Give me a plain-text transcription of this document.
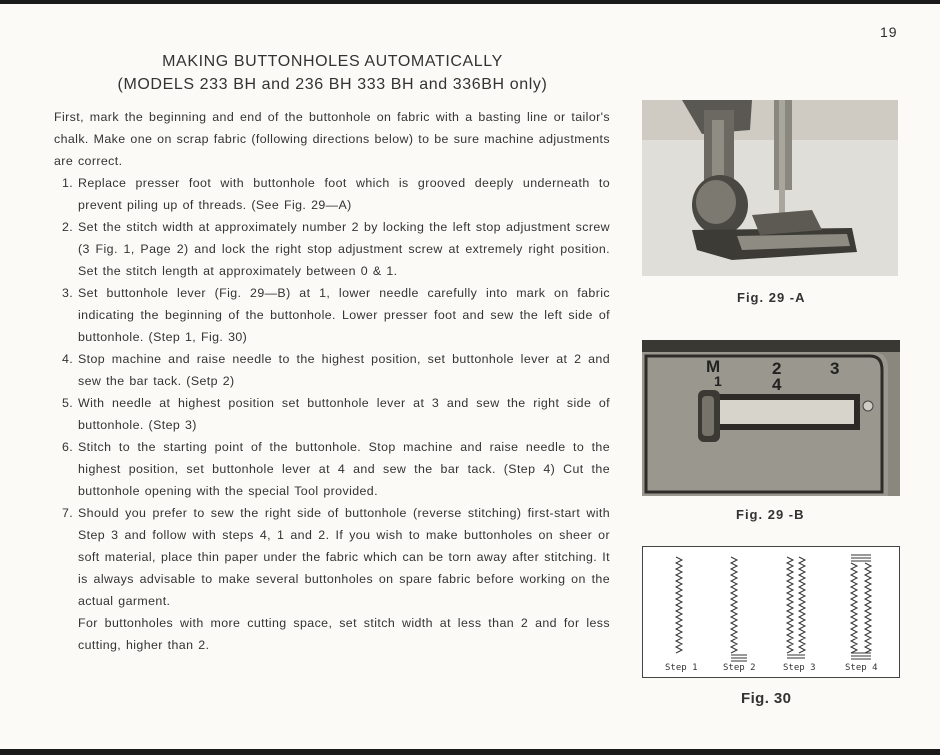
19
MAKING BUTTONHOLES AUTOMATICALLY
(MODELS 233 BH and 236 BH 333 BH and 336BH only)

First, mark the beginning and end of the buttonhole on fabric with a basting line or tailor's chalk. Make one on scrap fabric (following directions below) to be sure machine adjustments are correct.

1. Replace presser foot with buttonhole foot which is grooved deeply underneath to prevent piling up of threads. (See Fig. 29—A)
2. Set the stitch width at approximately number 2 by locking the left stop adjustment screw (3 Fig. 1, Page 2) and lock the right stop adjustment screw at extremely right position. Set the stitch length at approximately between 0 & 1.
3. Set buttonhole lever (Fig. 29—B) at 1, lower needle carefully into mark on fabric indicating the beginning of the buttonhole. Lower presser foot and sew the left side of buttonhole. (Step 1, Fig. 30)
4. Stop machine and raise needle to the highest position, set buttonhole lever at 2 and sew the bar tack. (Setp 2)
5. With needle at highest position set buttonhole lever at 3 and sew the right side of buttonhole. (Step 3)
6. Stitch to the starting point of the buttonhole. Stop machine and raise needle to the highest position, set buttonhole lever at 4 and sew the bar tack. (Step 4) Cut the buttonhole opening with the special Tool provided.
7. Should you prefer to sew the right side of buttonhole (reverse stitching) first-start with Step 3 and follow with steps 4, 1 and 2. If you wish to make buttonholes on sheer or soft material, place thin paper under the fabric which can be torn away after stitching. It is always advisable to make several buttonholes on spare fabric before working on the actual garment.

For buttonholes with more cutting space, set stitch width at less than 2 and for less cutting, higher than 2.

Fig. 29 -A
M
1
2
4
3
Fig. 29 -B
Step 1	Step 2	Step 3	Step 4
Fig. 30
